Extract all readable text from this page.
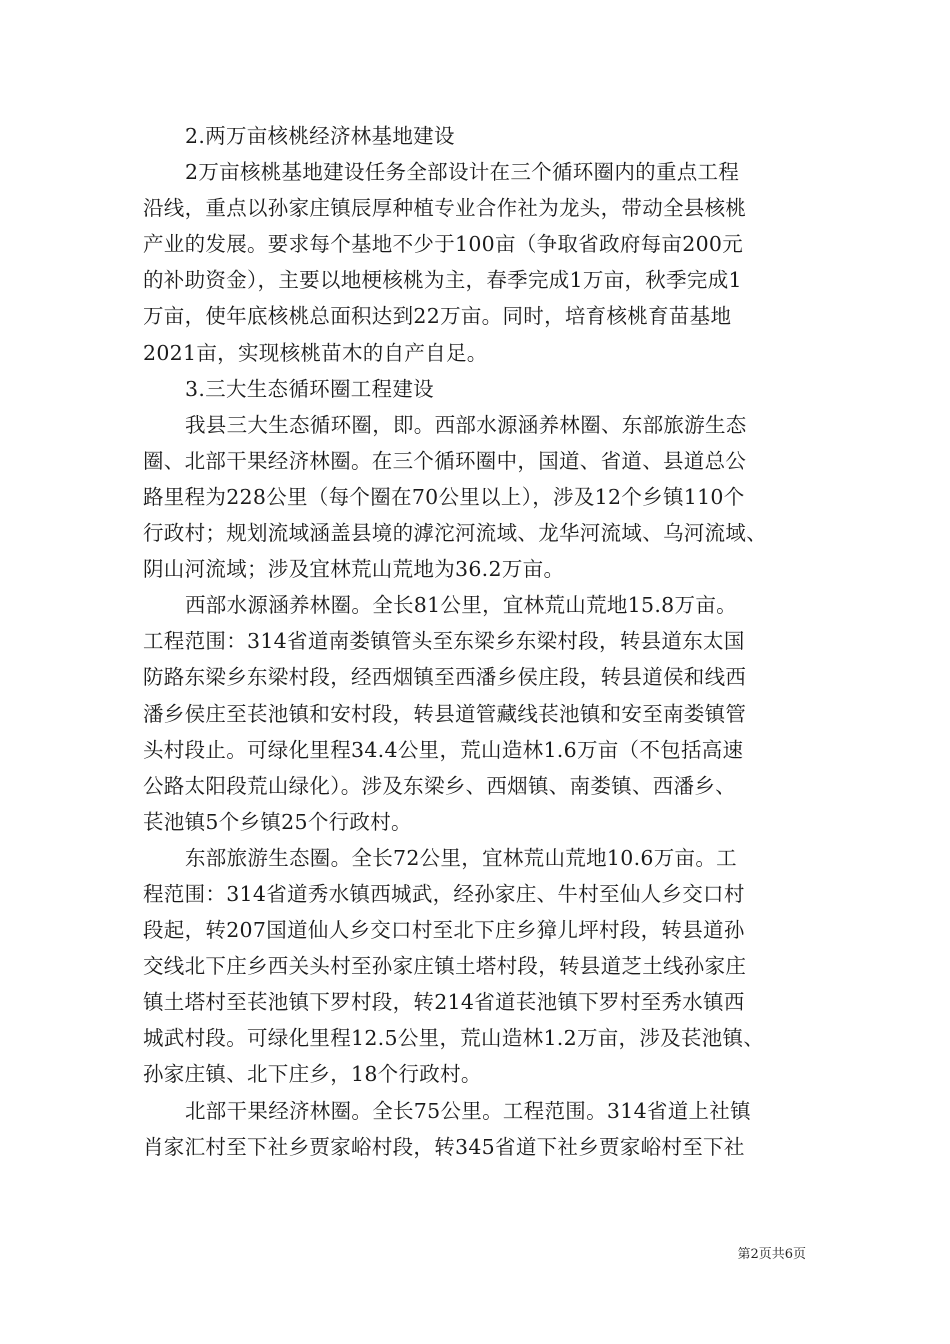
2.两万亩核桃经济林基地建设
2万亩核桃基地建设任务全部设计在三个循环圈内的重点工程
沿线，重点以孙家庄镇辰厚种植专业合作社为龙头，带动全县核桃
产业的发展。要求每个基地不少于100亩（争取省政府每亩200元
的补助资金），主要以地梗核桃为主，春季完成1万亩，秋季完成1
万亩，使年底核桃总面积达到22万亩。同时，培育核桃育苗基地
2021亩，实现核桃苗木的自产自足。
3.三大生态循环圈工程建设
我县三大生态循环圈，即。西部水源涵养林圈、东部旅游生态
圈、北部干果经济林圈。在三个循环圈中，国道、省道、县道总公
路里程为228公里（每个圈在70公里以上），涉及12个乡镇110个
行政村；规划流域涵盖县境的滹沱河流域、龙华河流域、乌河流域、
阴山河流域；涉及宜林荒山荒地为36.2万亩。
西部水源涵养林圈。全长81公里，宜林荒山荒地15.8万亩。
工程范围：314省道南娄镇管头至东梁乡东梁村段，转县道东太国
防路东梁乡东梁村段，经西烟镇至西潘乡侯庄段，转县道侯和线西
潘乡侯庄至苌池镇和安村段，转县道管藏线苌池镇和安至南娄镇管
头村段止。可绿化里程34.4公里，荒山造林1.6万亩（不包括高速
公路太阳段荒山绿化）。涉及东梁乡、西烟镇、南娄镇、西潘乡、
苌池镇5个乡镇25个行政村。
东部旅游生态圈。全长72公里，宜林荒山荒地10.6万亩。工
程范围：314省道秀水镇西城武，经孙家庄、牛村至仙人乡交口村
段起，转207国道仙人乡交口村至北下庄乡獐儿坪村段，转县道孙
交线北下庄乡西关头村至孙家庄镇土塔村段，转县道芝土线孙家庄
镇土塔村至苌池镇下罗村段，转214省道苌池镇下罗村至秀水镇西
城武村段。可绿化里程12.5公里，荒山造林1.2万亩，涉及苌池镇、
孙家庄镇、北下庄乡，18个行政村。
北部干果经济林圈。全长75公里。工程范围。314省道上社镇
肖家汇村至下社乡贾家峪村段，转345省道下社乡贾家峪村至下社
第2页共6页
